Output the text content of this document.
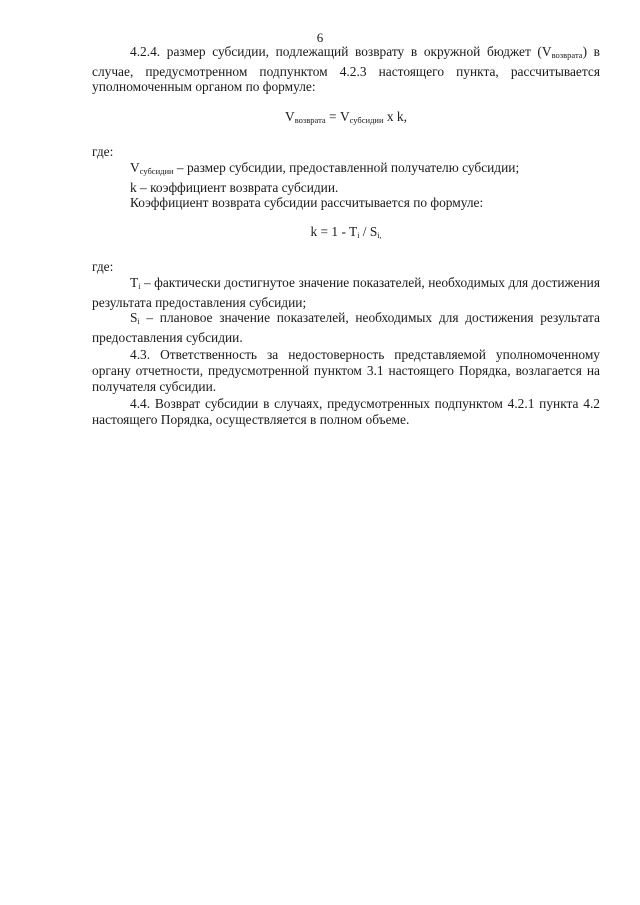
6

4.2.4. размер субсидии, подлежащий возврату в окружной бюджет $(V_{возврата})$ в случае, предусмотренном подпунктом 4.2.3 настоящего пункта, рассчитывается уполномоченным органом по формуле:

$V_{возврата} = V_{субсидии}$ x k,

где:

$V_{субсидии}$ – размер субсидии, предоставленной получателю субсидии;

k – коэффициент возврата субсидии.

Коэффициент возврата субсидии рассчитывается по формуле:

k = 1 - Ti / Si,

где:

Ti – фактически достигнутое значение показателей, необходимых для достижения результата предоставления субсидии;

Si – плановое значение показателей, необходимых для достижения результата предоставления субсидии.

4.3. Ответственность за недостоверность представляемой уполномоченному органу отчетности, предусмотренной пунктом 3.1 настоящего Порядка, возлагается на получателя субсидии.

4.4. Возврат субсидии в случаях, предусмотренных подпунктом 4.2.1 пункта 4.2 настоящего Порядка, осуществляется в полном объеме.
